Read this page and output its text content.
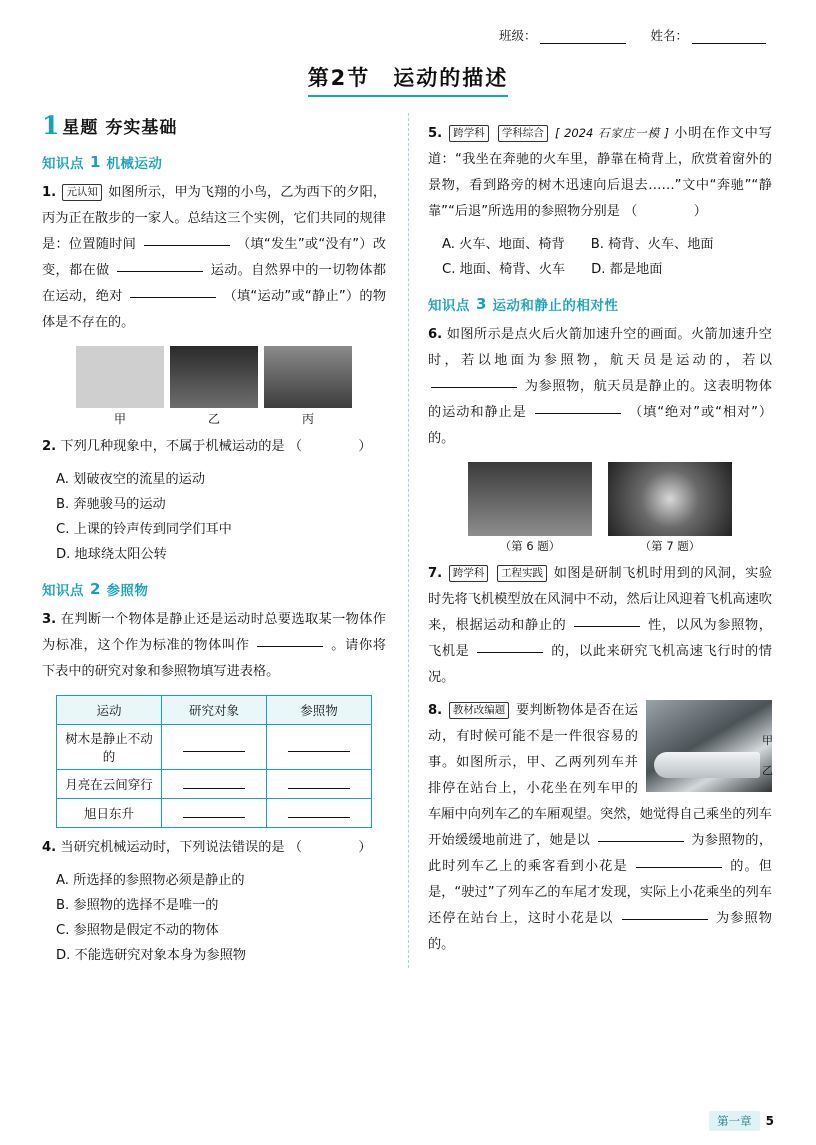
班级：	姓名：
第2节　运动的描述
1 星题 夯实基础
知识点 1 机械运动
1. 元认知 如图所示，甲为飞翔的小鸟，乙为西下的夕阳，丙为正在散步的一家人。总结这三个实例，它们共同的规律是：位置随时间	（填“发生”或“没有”）改变，都在做	运动。自然界中的一切物体都在运动，绝对	（填“运动”或“静止”）的物体是不存在的。
甲	乙	丙
2. 下列几种现象中，不属于机械运动的是 （　　）
A. 划破夜空的流星的运动
B. 奔驰骏马的运动
C. 上课的铃声传到同学们耳中
D. 地球绕太阳公转
知识点 2 参照物
3. 在判断一个物体是静止还是运动时总要选取某一物体作为标准，这个作为标准的物体叫作	。请你将下表中的研究对象和参照物填写进表格。
运动	研究对象	参照物
树木是静止不动的		
月亮在云间穿行		
旭日东升		
4. 当研究机械运动时，下列说法错误的是 （　　）
A. 所选择的参照物必须是静止的
B. 参照物的选择不是唯一的
C. 参照物是假定不动的物体
D. 不能选研究对象本身为参照物
5. 跨学科 学科综合 [ 2024 石家庄一模 ] 小明在作文中写道：“我坐在奔驰的火车里，静靠在椅背上，欣赏着窗外的景物，看到路旁的树木迅速向后退去……”文中“奔驰”“静靠”“后退”所选用的参照物分别是 （　　）
A. 火车、地面、椅背 B. 椅背、火车、地面
C. 地面、椅背、火车 D. 都是地面
知识点 3 运动和静止的相对性
6. 如图所示是点火后火箭加速升空的画面。火箭加速升空时，若以地面为参照物，航天员是运动的，若以  为参照物，航天员是静止的。这表明物体的运动和静止是	（填“绝对”或“相对”）的。
（第 6 题）	（第 7 题）
7. 跨学科 工程实践 如图是研制飞机时用到的风洞，实验时先将飞机模型放在风洞中不动，然后让风迎着飞机高速吹来，根据运动和静止的	性，以风为参照物，飞机是	的，以此来研究飞机高速飞行时的情况。
甲
乙
8. 教材改编题 要判断物体是否在运动，有时候可能不是一件很容易的事。如图所示，甲、乙两列列车并排停在站台上，小花坐在列车甲的车厢中向列车乙的车厢观望。突然，她觉得自己乘坐的列车开始缓缓地前进了，她是以	为参照物的，此时列车乙上的乘客看到小花是	的。但是，“驶过”了列车乙的车尾才发现，实际上小花乘坐的列车还停在站台上，这时小花是以	为参照物的。
第一章	5
